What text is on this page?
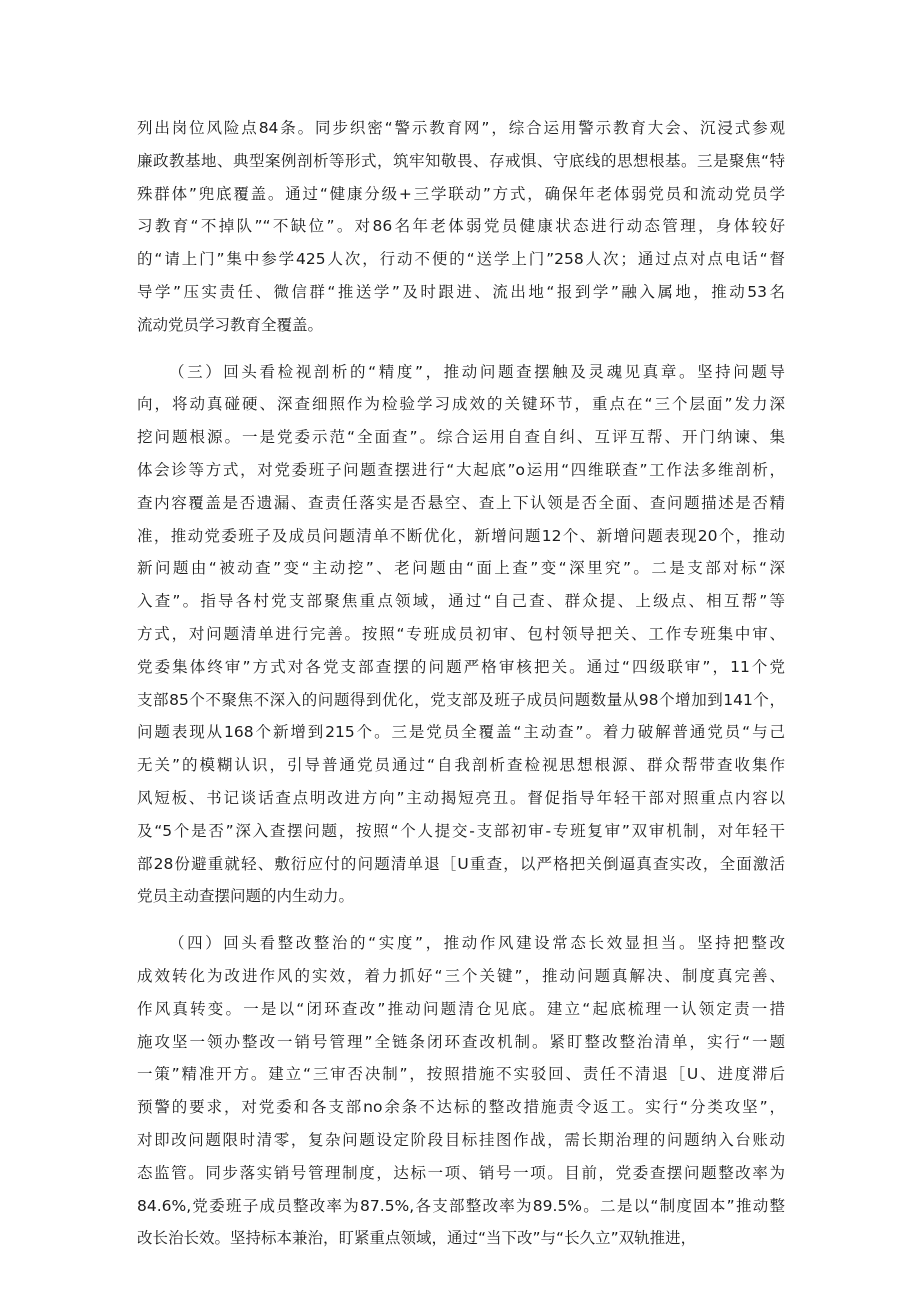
列出岗位风险点84条。同步织密“警示教育网”，综合运用警示教育大会、沉浸式参观
廉政教基地、典型案例剖析等形式，筑牢知敬畏、存戒惧、守底线的思想根基。三是聚焦“特
殊群体”兜底覆盖。通过“健康分级+三学联动”方式，确保年老体弱党员和流动党员学
习教育“不掉队”“不缺位”。对86名年老体弱党员健康状态进行动态管理，身体较好
的“请上门”集中参学425人次，行动不便的“送学上门”258人次；通过点对点电话“督
导学”压实责任、微信群“推送学”及时跟进、流出地“报到学”融入属地，推动53名
流动党员学习教育全覆盖。
（三）回头看检视剖析的“精度”，推动问题查摆触及灵魂见真章。坚持问题导
向，将动真碰硬、深查细照作为检验学习成效的关键环节，重点在“三个层面”发力深
挖问题根源。一是党委示范“全面查”。综合运用自查自纠、互评互帮、开门纳谏、集
体会诊等方式，对党委班子问题查摆进行“大起底”o运用“四维联查”工作法多维剖析，
查内容覆盖是否遗漏、查责任落实是否悬空、查上下认领是否全面、查问题描述是否精
准，推动党委班子及成员问题清单不断优化，新增问题12个、新增问题表现20个，推动
新问题由“被动查”变“主动挖”、老问题由“面上查”变“深里究”。二是支部对标“深
入查”。指导各村党支部聚焦重点领域，通过“自己查、群众提、上级点、相互帮”等
方式，对问题清单进行完善。按照“专班成员初审、包村领导把关、工作专班集中审、
党委集体终审”方式对各党支部查摆的问题严格审核把关。通过“四级联审”，11个党
支部85个不聚焦不深入的问题得到优化，党支部及班子成员问题数量从98个增加到141个，
问题表现从168个新增到215个。三是党员全覆盖“主动查”。着力破解普通党员“与己
无关”的模糊认识，引导普通党员通过“自我剖析查检视思想根源、群众帮带查收集作
风短板、书记谈话查点明改进方向”主动揭短亮丑。督促指导年轻干部对照重点内容以
及“5个是否”深入查摆问题，按照“个人提交-支部初审-专班复审”双审机制，对年轻干
部28份避重就轻、敷衍应付的问题清单退［U重查，以严格把关倒逼真查实改，全面激活
党员主动查摆问题的内生动力。
（四）回头看整改整治的“实度”，推动作风建设常态长效显担当。坚持把整改
成效转化为改进作风的实效，着力抓好“三个关键”，推动问题真解决、制度真完善、
作风真转变。一是以“闭环查改”推动问题清仓见底。建立“起底梳理一认领定责一措
施攻坚一领办整改一销号管理”全链条闭环查改机制。紧盯整改整治清单，实行“一题
一策”精准开方。建立“三审否决制”，按照措施不实驳回、责任不清退［U、进度滞后
预警的要求，对党委和各支部no余条不达标的整改措施责令返工。实行“分类攻坚”，
对即改问题限时清零，复杂问题设定阶段目标挂图作战，需长期治理的问题纳入台账动
态监管。同步落实销号管理制度，达标一项、销号一项。目前，党委查摆问题整改率为
84.6%,党委班子成员整改率为87.5%,各支部整改率为89.5%。二是以“制度固本”推动整
改长治长效。坚持标本兼治，盯紧重点领域，通过“当下改”与“长久立”双轨推进，
